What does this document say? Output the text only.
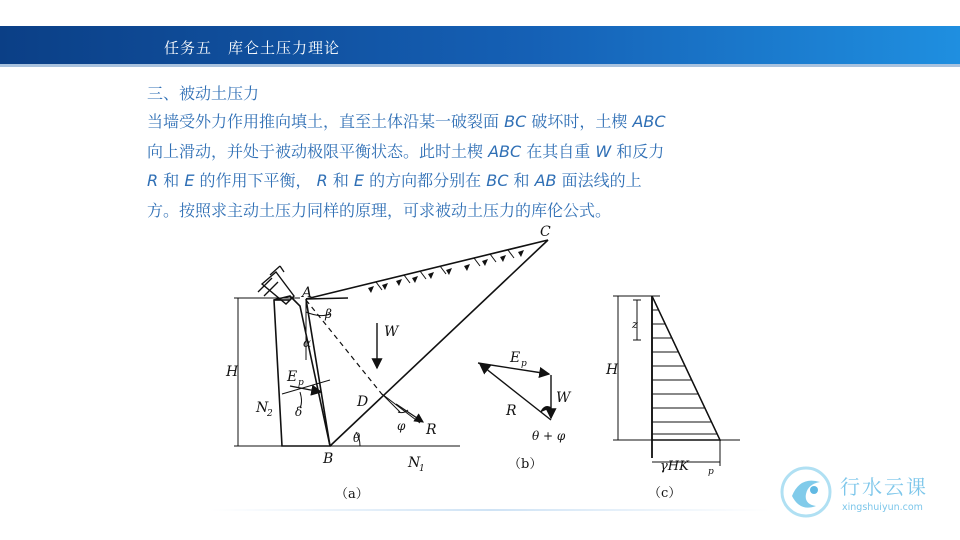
任务五　库仑土压力理论
三、被动土压力
当墙受外力作用推向填土，直至土体沿某一破裂面 BC 破坏时，土楔 ABC
向上滑动，并处于被动极限平衡状态。此时土楔 ABC 在其自重 W 和反力
R 和 E 的作用下平衡， R 和 E 的方向都分别在 BC 和 AB 面法线的上
方。按照求主动土压力同样的原理，可求被动土压力的库伦公式。
A
B
C
D
β
α
δ
θ
φ
W
R
E p
N
1
N
2
H
（a）
E p
W
R
θ + φ
（b）
H
z
γHK p
（c）	行水云课
xingshuiyun.com
